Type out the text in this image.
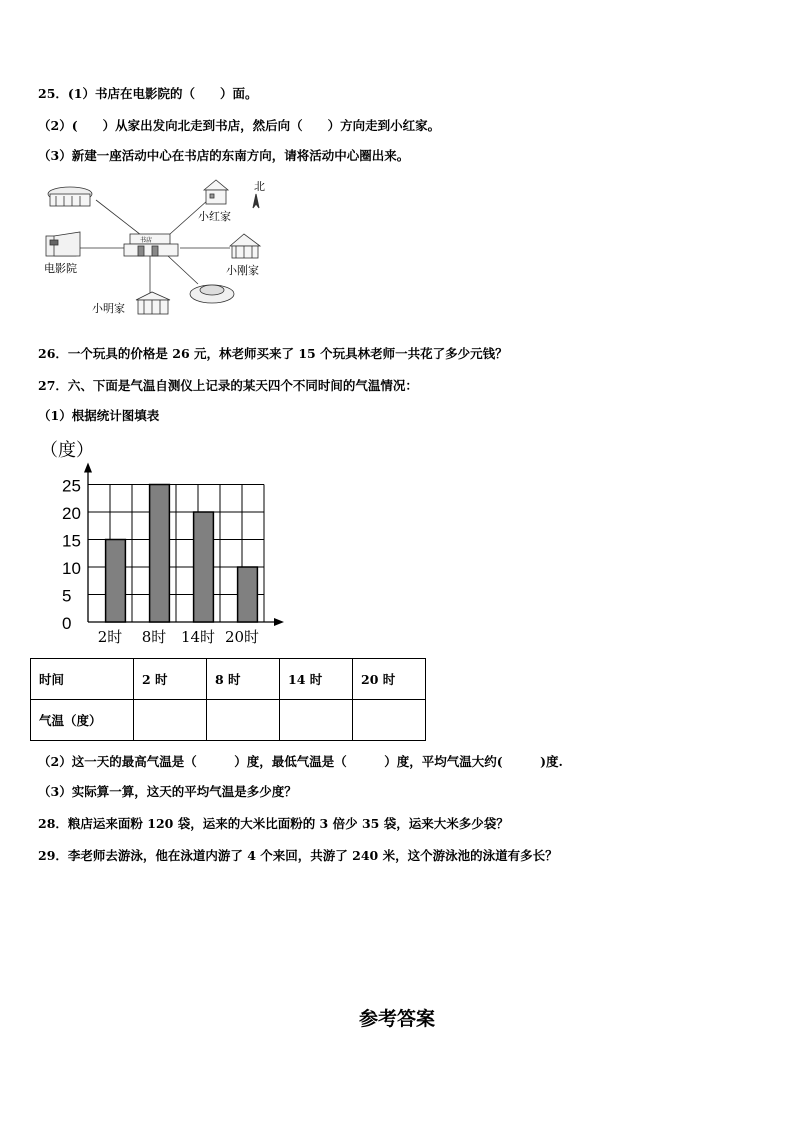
25．(1）书店在电影院的（　　）面。
（2）(　　）从家出发向北走到书店，然后向（　　）方向走到小红家。
（3）新建一座活动中心在书店的东南方向，请将活动中心圈出来。
书店
北
小红家
电影院	小刚家
小明家
26．一个玩具的价格是 26 元，林老师买来了 15 个玩具林老师一共花了多少元钱？
27．六、下面是气温自测仪上记录的某天四个不同时间的气温情况：
（1）根据统计图填表
0
5
10
15
20
25
（度）
2时 8时 14时 20时
时间	2 时	8 时	14 时	20 时
气温（度）				
（2）这一天的最高气温是（　　　）度，最低气温是（　　　）度，平均气温大约(　　　)度.
（3）实际算一算，这天的平均气温是多少度？
28．粮店运来面粉 120 袋，运来的大米比面粉的 3 倍少 35 袋，运来大米多少袋？
29．李老师去游泳，他在泳道内游了 4 个来回，共游了 240 米，这个游泳池的泳道有多长？
参考答案
